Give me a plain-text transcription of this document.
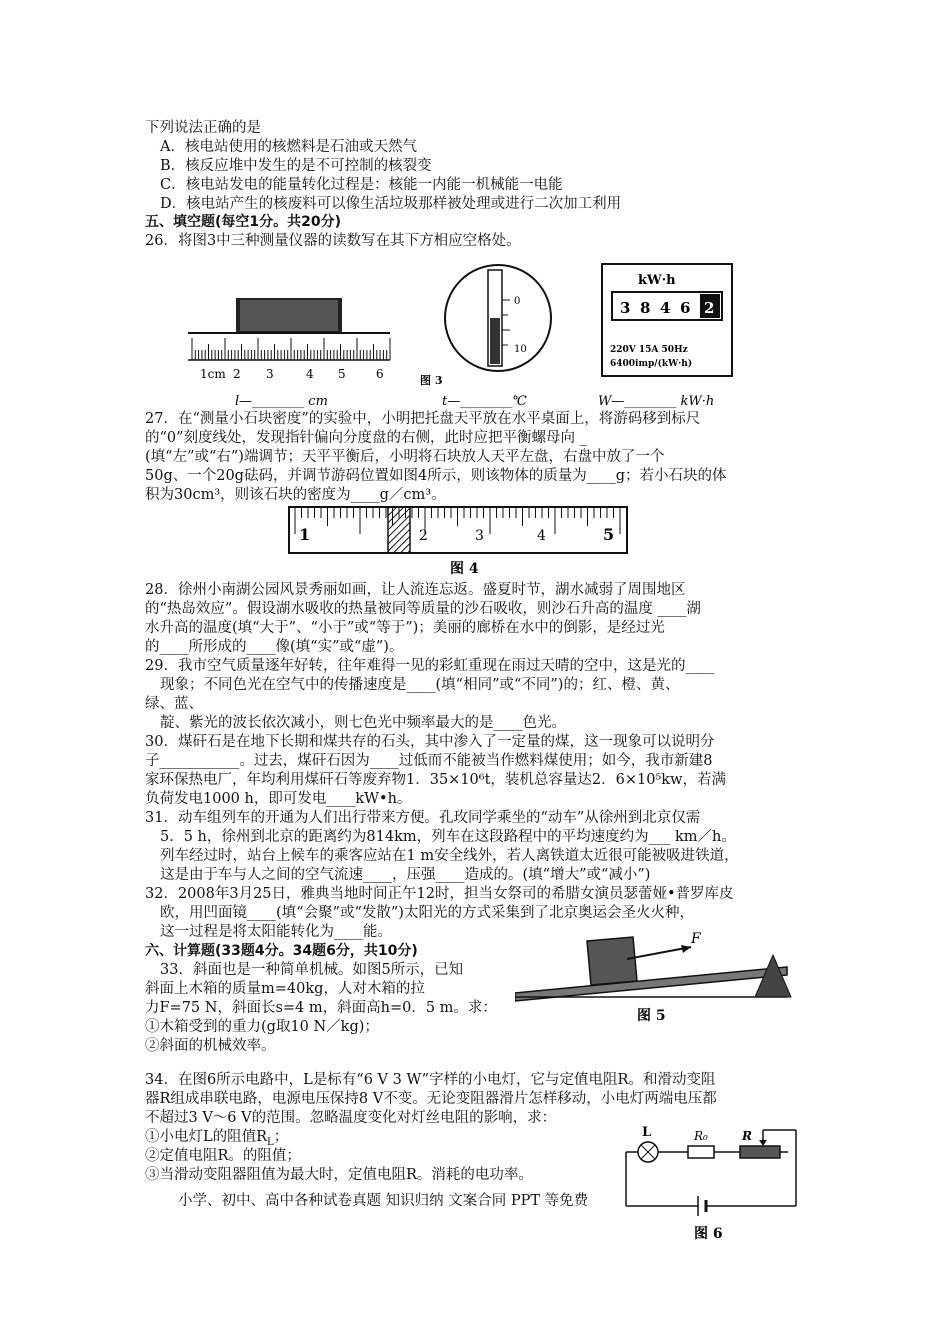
下列说法正确的是
A．核电站使用的核燃料是石油或天然气
B．核反应堆中发生的是不可控制的核裂变
C．核电站发电的能量转化过程是：核能一内能一机械能一电能
D．核电站产生的核废料可以像生活垃圾那样被处理或进行二次加工利用
五、填空题(每空1分。共20分)
26．将图3中三种测量仪器的读数写在其下方相应空格处。
1cm 2 3	4 5	6
0
10
kW·h
3 8 4 6 2
220V 15A 50Hz
6400imp/(kW·h)
图 3
l—________ cm	t—________℃	W—________ kW·h
27．在“测量小石块密度”的实验中，小明把托盘天平放在水平桌面上，将游码移到标尺
的“0”刻度线处，发现指针偏向分度盘的右侧，此时应把平衡螺母向 _
(填“左”或“右”)端调节；天平平衡后，小明将石块放人天平左盘，右盘中放了一个
50g、一个20g砝码，并调节游码位置如图4所示，则该物体的质量为____g；若小石块的体
积为30cm³，则该石块的密度为____g／cm³。
1	2	3	4	5
图 4
28．徐州小南湖公园风景秀丽如画，让人流连忘返。盛夏时节，湖水减弱了周围地区
的“热岛效应”。假设湖水吸收的热量被同等质量的沙石吸收，则沙石升高的温度 ____湖
水升高的温度(填“大于”、“小于”或“等于”)；美丽的廊桥在水中的倒影，是经过光
的____所形成的____像(填“实”或“虚”)。
29．我市空气质量逐年好转，往年难得一见的彩虹重现在雨过天晴的空中，这是光的____
现象；不同色光在空气中的传播速度是____(填“相同”或“不同”)的；红、橙、黄、
绿、蓝、
靛、紫光的波长依次减小，则七色光中频率最大的是____色光。
30．煤矸石是在地下长期和煤共存的石头，其中渗入了一定量的煤，这一现象可以说明分
子___________。过去，煤矸石因为____过低而不能被当作燃料煤使用；如今，我市新建8
家环保热电厂，年均利用煤矸石等废弃物1．35×10⁶t，装机总容量达2．6×10⁵kw，若满
负荷发电1000 h，即可发电____kW•h。
31．动车组列车的开通为人们出行带来方便。孔玫同学乘坐的“动车”从徐州到北京仅需
5．5 h，徐州到北京的距离约为814km，列车在这段路程中的平均速度约为___ km／h。
列车经过时，站台上候车的乘客应站在1 m安全线外，若人离铁道太近很可能被吸进铁道，
这是由于车与人之间的空气流速____，压强____造成的。(填“增大”或“减小”)
32．2008年3月25日，雅典当地时间正午12时，担当女祭司的希腊女演员瑟蕾娅•普罗库皮
欧，用凹面镜____(填“会聚”或“发散”)太阳光的方式采集到了北京奥运会圣火火种，
这一过程是将太阳能转化为____能。
六、计算题(33题4分。34题6分，共10分)
33．斜面也是一种简单机械。如图5所示，已知
斜面上木箱的质量m=40kg，人对木箱的拉
力F=75 N，斜面长s=4 m，斜面高h=0．5 m。求：
①木箱受到的重力(g取10 N／kg)；
②斜面的机械效率。
F
图 5
34．在图6所示电路中，L是标有“6 V 3 W”字样的小电灯，它与定值电阻R。和滑动变阻
器R组成串联电路，电源电压保持8 V不变。无论变阻器滑片怎样移动，小电灯两端电压都
不超过3 V～6 V的范围。忽略温度变化对灯丝电阻的影响，求：
①小电灯L的阻值$R_L$；
②定值电阻R。的阻值；
③当滑动变阻器阻值为最大时，定值电阻R。消耗的电功率。
小学、初中、高中各种试卷真题 知识归纳 文案合同 PPT 等免费
L	R₀	R
图 6
